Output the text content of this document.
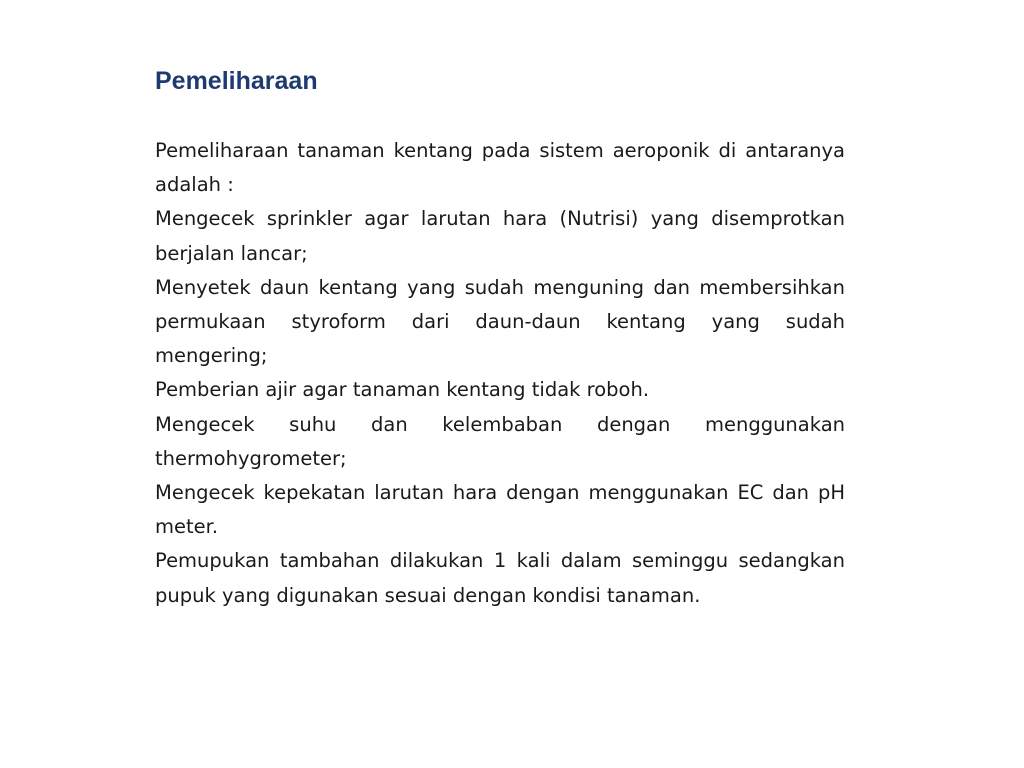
Pemeliharaan

Pemeliharaan tanaman kentang pada sistem aeroponik di antaranya adalah :

Mengecek sprinkler agar larutan hara (Nutrisi) yang disemprotkan berjalan lancar;

Menyetek daun kentang yang sudah menguning dan membersihkan permukaan styroform dari daun-daun kentang yang sudah mengering;

Pemberian ajir agar tanaman kentang tidak roboh.

Mengecek suhu dan kelembaban dengan menggunakan thermohygrometer;

Mengecek kepekatan larutan hara dengan menggunakan EC dan pH meter.

Pemupukan tambahan dilakukan 1 kali dalam seminggu sedangkan pupuk yang digunakan sesuai dengan kondisi tanaman.
